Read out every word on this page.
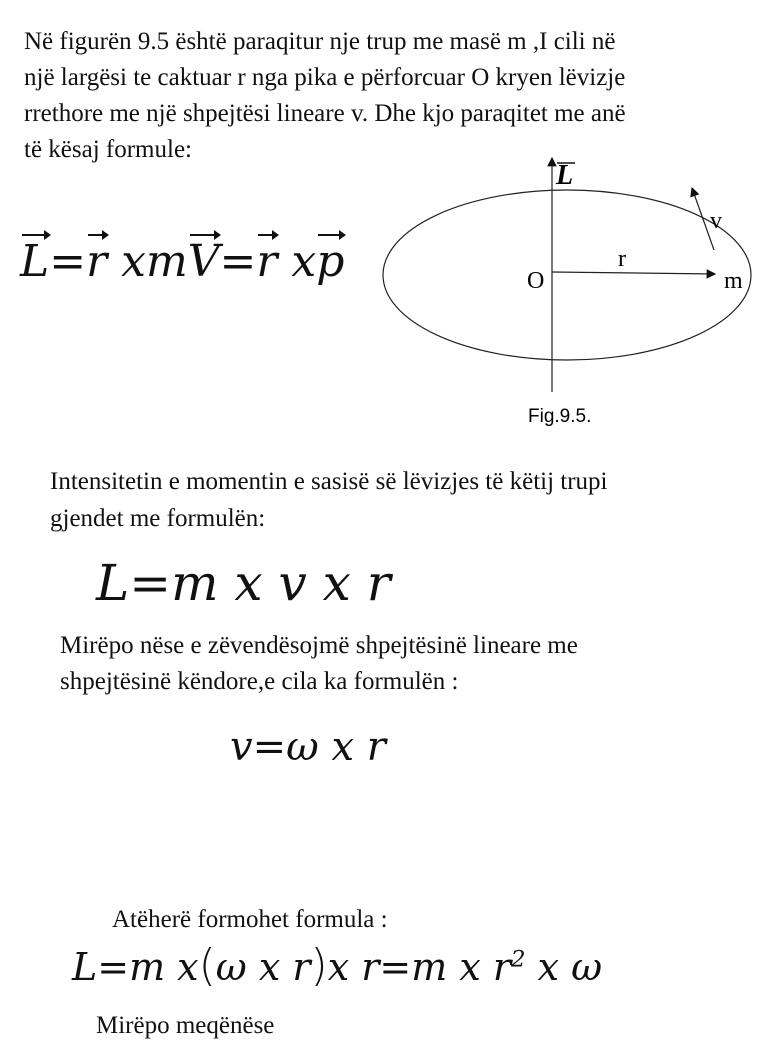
Në figurën 9.5 është paraqitur nje trup me masë m ,I cili në

një largësi te caktuar r nga pika e përforcuar O kryen lëvizje

rrethore me një shpejtësi lineare v. Dhe kjo paraqitet me anë

të kësaj formule:

L=r xmV=r xp
L
v
O
r
m
Fig.9.5.

Intensitetin e momentin e sasisë së lëvizjes të këtij trupi

gjendet me formulën:

L=m x v x r

Mirëpo nëse e zëvendësojmë shpejtësinë lineare me

shpejtësinë këndore,e cila ka formulën :

v=ω x r

Atëherë formohet formula :

L=m x(ω x r)x r=m x $r^2$ x ω

Mirëpo meqënëse
